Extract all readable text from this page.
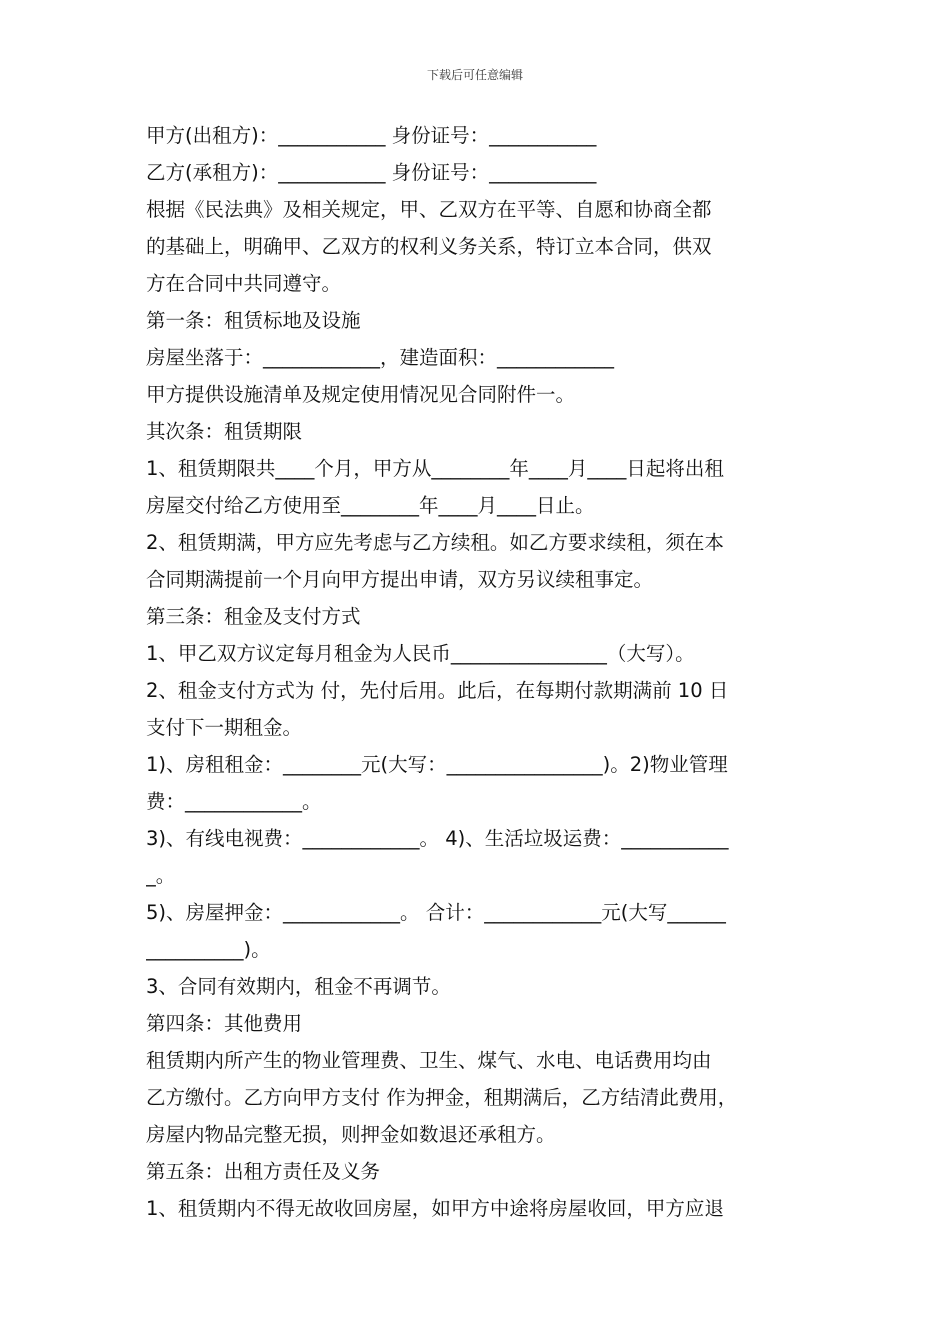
下载后可任意编辑
甲方(出租方)：___________ 身份证号：___________
乙方(承租方)：___________ 身份证号：___________
根据《民法典》及相关规定，甲、乙双方在平等、自愿和协商全都
的基础上，明确甲、乙双方的权利义务关系，特订立本合同，供双
方在合同中共同遵守。
第一条：租赁标地及设施
房屋坐落于：____________，建造面积：____________
甲方提供设施清单及规定使用情况见合同附件一。
其次条：租赁期限
1、租赁期限共____个月，甲方从________年____月____日起将出租
房屋交付给乙方使用至________年____月____日止。
2、租赁期满，甲方应先考虑与乙方续租。如乙方要求续租，须在本
合同期满提前一个月向甲方提出申请，双方另议续租事定。
第三条：租金及支付方式
1、甲乙双方议定每月租金为人民币________________（大写）。
2、租金支付方式为 付，先付后用。此后，在每期付款期满前 10 日
支付下一期租金。
1)、房租租金：________元(大写：________________)。2)物业管理
费：____________。
3)、有线电视费：____________。 4)、生活垃圾运费：___________
_。
5)、房屋押金：____________。 合计：____________元(大写______
__________)。
3、合同有效期内，租金不再调节。
第四条：其他费用
租赁期内所产生的物业管理费、卫生、煤气、水电、电话费用均由
乙方缴付。乙方向甲方支付 作为押金，租期满后，乙方结清此费用，
房屋内物品完整无损，则押金如数退还承租方。
第五条：出租方责任及义务
1、租赁期内不得无故收回房屋，如甲方中途将房屋收回，甲方应退
